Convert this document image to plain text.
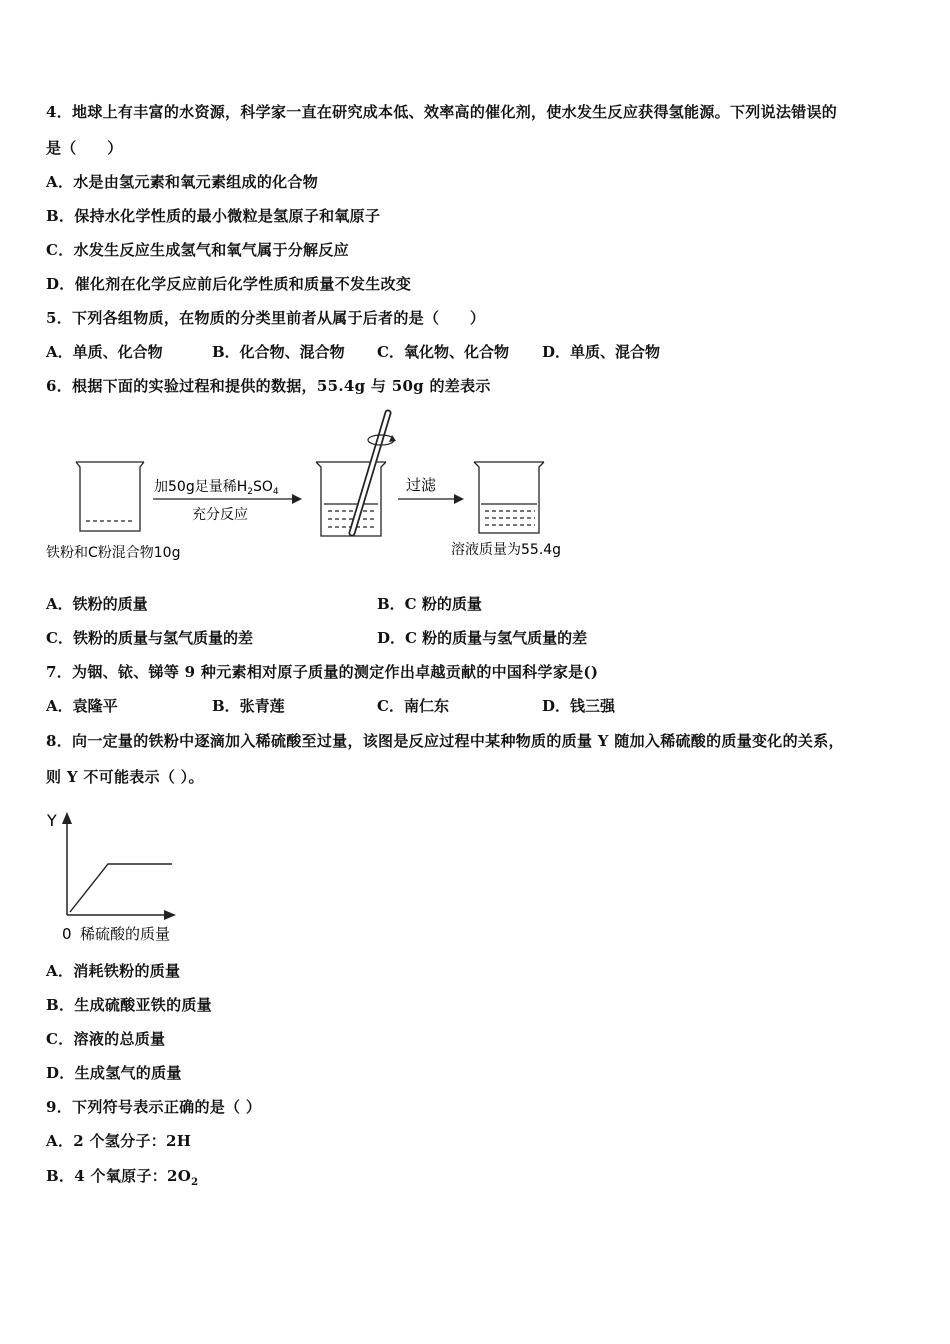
4．地球上有丰富的水资源，科学家一直在研究成本低、效率高的催化剂，使水发生反应获得氢能源。下列说法错误的
是（　　）
A．水是由氢元素和氧元素组成的化合物
B．保持水化学性质的最小微粒是氢原子和氧原子
C．水发生反应生成氢气和氧气属于分解反应
D．催化剂在化学反应前后化学性质和质量不发生改变
5．下列各组物质，在物质的分类里前者从属于后者的是（　　）
A．单质、化合物	B．化合物、混合物 C．氧化物、化合物 D．单质、混合物
6．根据下面的实验过程和提供的数据，55.4g 与 50g 的差表示
铁粉和C粉混合物10g
加50g足量稀$H_2SO_4$
充分反应
过滤
溶液质量为55.4g
A．铁粉的质量	B．C 粉的质量
C．铁粉的质量与氢气质量的差	D．C 粉的质量与氢气质量的差
7．为铟、铱、锑等 9 种元素相对原子质量的测定作出卓越贡献的中国科学家是()
A．袁隆平	B．张青莲	C．南仁东	D．钱三强
8．向一定量的铁粉中逐滴加入稀硫酸至过量，该图是反应过程中某种物质的质量 Y 随加入稀硫酸的质量变化的关系，
则 Y 不可能表示（ ）。
Y
0 稀硫酸的质量
A．消耗铁粉的质量
B．生成硫酸亚铁的质量
C．溶液的总质量
D．生成氢气的质量
9．下列符号表示正确的是（ ）
A．2 个氢分子：2H
B．4 个氧原子：$2O_2$
